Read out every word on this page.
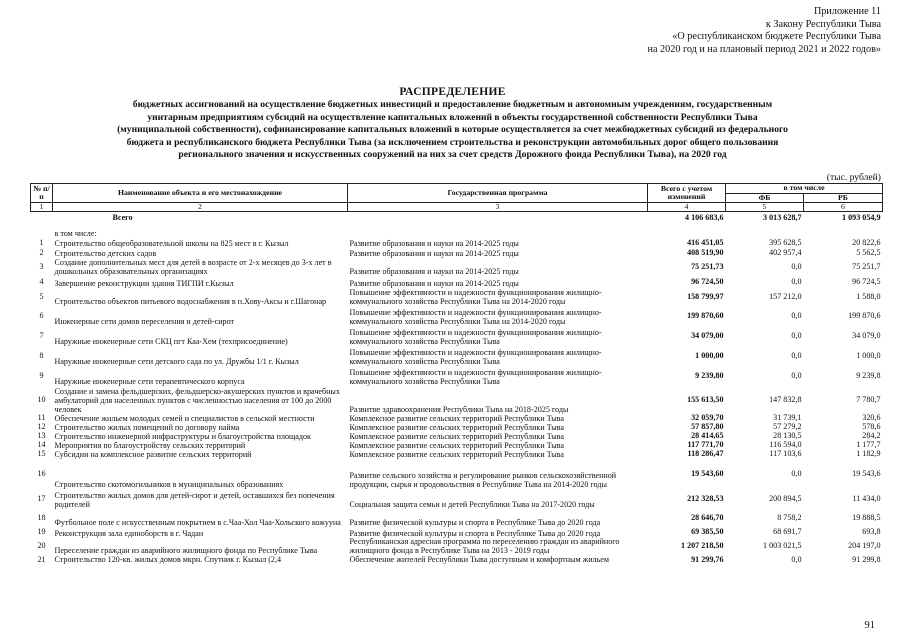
Приложение 11
к Закону Республики Тыва
«О республиканском бюджете Республики Тыва
на 2020 год и на плановый период 2021 и 2022 годов»
РАСПРЕДЕЛЕНИЕ
бюджетных ассигнований на осуществление бюджетных инвестиций и предоставление бюджетным и автономным учреждениям, государственным унитарным предприятиям субсидий на осуществление капитальных вложений в объекты государственной собственности Республики Тыва (муниципальной собственности), софинансирование капитальных вложений в которые осуществляется за счет межбюджетных субсидий из федерального бюджета и республиканского бюджета Республики Тыва (за исключением строительства и реконструкции автомобильных дорог общего пользования регионального значения и искусственных сооружений на них за счет средств Дорожного фонда Республики Тыва), на 2020 год
(тыс. рублей)
№ п/п	Наименование объекта и его местонахождение	Государственная программа	Всего с учетом изменений	в том числе	
				ФБ	РБ
1	2	3	4	5	6
	Всего		4 106 683,6	3 013 628,7	1 093 054,9
	в том числе:				
1	Строительство общеобразовательной школы на 825 мест в г. Кызыл	Развитие образования и науки на 2014-2025 годы	416 451,05	395 628,5	20 822,6
2	Строительство детских садов	Развитие образования и науки на 2014-2025 годы	408 519,90	402 957,4	5 562,5
3	Создание дополнительных мест для детей в возрасте от 2-х месяцев до 3-х лет в дошкольных образовательных организациях	Развитие образования и науки на 2014-2025 годы	75 251,73	0,0	75 251,7
4	Завершение реконструкции здания ТИГПИ г.Кызыл	Развитие образования и науки на 2014-2025 годы	96 724,50	0,0	96 724,5
5	Строительство объектов питьевого водоснабжения в п.Хову-Аксы и г.Шагонар	Повышение эффективности и надежности функционирования жилищно-коммунального хозяйства Республики Тыва на 2014-2020 годы	158 799,97	157 212,0	1 588,0
6	Инженерные сети домов переселения и детей-сирот	Повышение эффективности и надежности функционирования жилищно-коммунального хозяйства Республики Тыва на 2014-2020 годы	199 870,60	0,0	199 870,6
7	Наружные инженерные сети СКЦ пгт Каа-Хем (техприсоединение)	Повышение эффективности и надежности функционирования жилищно-коммунального хозяйства Республики Тыва	34 079,00	0,0	34 079,0
8	Наружные инженерные сети детского сада по ул. Дружбы 1/1 г. Кызыл	Повышение эффективности и надежности функционирования жилищно-коммунального хозяйства Республики Тыва	1 000,00	0,0	1 000,0
9	Наружные инженерные сети терапевтического корпуса	Повышение эффективности и надежности функционирования жилищно-коммунального хозяйства Республики Тыва	9 239,80	0,0	9 239,8
10	Создание и замена фельдшерских, фельдшерско-акушерских пунктов и врачебных амбулаторий для населенных пунктов с численностью населения от 100 до 2000 человек	Развитие здравоохранения Республики Тыва на 2018-2025 годы	155 613,50	147 832,8	7 780,7
11	Обеспечение жильем молодых семей и специалистов в сельской местности	Комплексное развитие сельских территорий Республики Тыва	32 059,70	31 739,1	320,6
12	Строительство жилых помещений по договору найма	Комплексное развитие сельских территорий Республики Тыва	57 857,80	57 279,2	578,6
13	Строительство инженерной инфраструктуры и благоустройства площадок	Комплексное развитие сельских территорий Республики Тыва	28 414,65	28 130,5	284,2
14	Мероприятия по благоустройству сельских территорий	Комплексное развитие сельских территорий Республики Тыва	117 771,70	116 594,0	1 177,7
15	Субсидии на комплексное развитие сельских территорий	Комплексное развитие сельских территорий Республики Тыва	118 286,47	117 103,6	1 182,9
16	Строительство скотомогильников в муниципальных образованиях	Развитие сельского хозяйства и регулирование рынков сельскохозяйственной продукции, сырья и продовольствия в Республике Тыва на 2014-2020 годы	19 543,60	0,0	19 543,6
17	Строительство жилых домов для детей-сирот и детей, оставшихся без попечения родителей	Социальная защита семьи и детей Республики Тыва на 2017-2020 годы	212 328,53	200 894,5	11 434,0
18	Футбольное поле с искусственным покрытием в с.Чаа-Хол Чаа-Хольского кожууна	Развитие физической культуры и спорта в Республике Тыва до 2020 года	28 646,70	8 758,2	19 888,5
19	Реконструкция зала единоборств в г. Чадан	Развитие физической культуры и спорта в Республике Тыва до 2020 года	69 385,50	68 691,7	693,8
20	Переселение граждан из аварийного жилищного фонда по Республике Тыва	Республиканская адресная программа по переселению граждан из аварийного жилищного фонда в Республике Тыва на 2013 - 2019 годы	1 207 218,50	1 003 021,5	204 197,0
21	Строительство 120-кв. жилых домов мкрн. Спутник г. Кызыл (2,4	Обеспечение жителей Республики Тыва доступным и комфортным жильем	91 299,76	0,0	91 299,8
91
